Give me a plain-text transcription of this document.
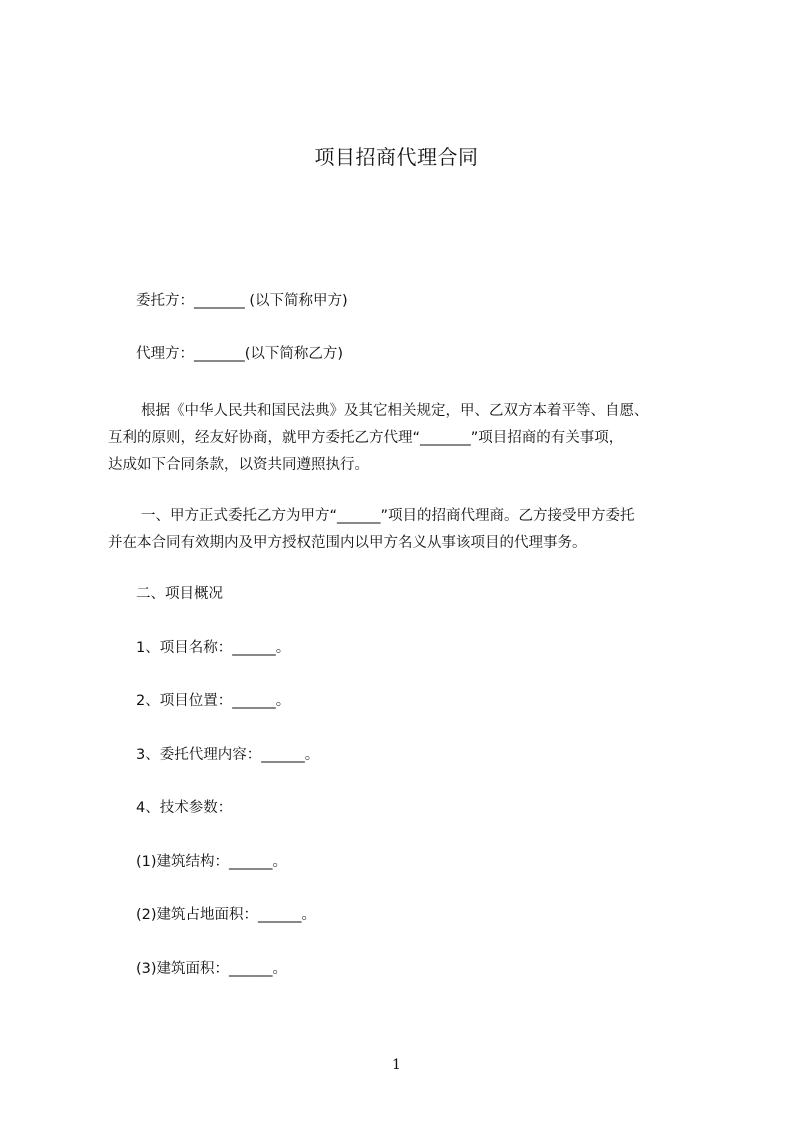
项目招商代理合同
委托方：_______ (以下简称甲方)
代理方：_______(以下简称乙方)
根据《中华人民共和国民法典》及其它相关规定，甲、乙双方本着平等、自愿、
互利的原则，经友好协商，就甲方委托乙方代理“_______”项目招商的有关事项，
达成如下合同条款，以资共同遵照执行。
一、甲方正式委托乙方为甲方“______”项目的招商代理商。乙方接受甲方委托
并在本合同有效期内及甲方授权范围内以甲方名义从事该项目的代理事务。
二、项目概况
1、项目名称：______。
2、项目位置：______。
3、委托代理内容：______。
4、技术参数：
(1)建筑结构：______。
(2)建筑占地面积：______。
(3)建筑面积：______。
1
